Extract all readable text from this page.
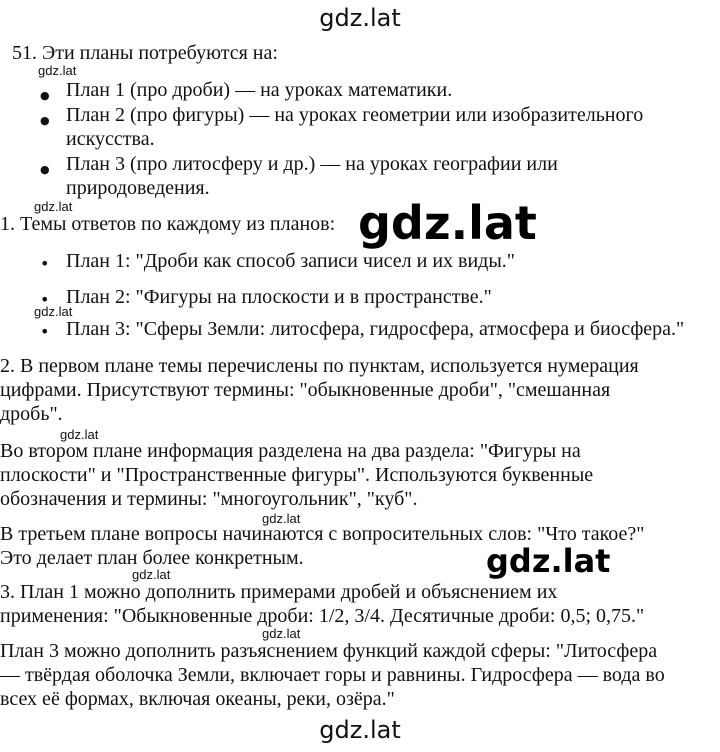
gdz.lat
51. Эти планы потребуются на:
gdz.lat
План 1 (про дроби) — на уроках математики.
План 2 (про фигуры) — на уроках геометрии или изобразительного
искусства.
План 3 (про литосферу и др.) — на уроках географии или
природоведения.
gdz.lat
1. Темы ответов по каждому из планов: gdz.lat
План 1: "Дроби как способ записи чисел и их виды."
План 2: "Фигуры на плоскости и в пространстве."
gdz.lat
План 3: "Сферы Земли: литосфера, гидросфера, атмосфера и биосфера."
2. В первом плане темы перечислены по пунктам, используется нумерация
цифрами. Присутствуют термины: "обыкновенные дроби", "смешанная
дробь".
gdz.lat
Во втором плане информация разделена на два раздела: "Фигуры на
плоскости" и "Пространственные фигуры". Используются буквенные
обозначения и термины: "многоугольник", "куб".
gdz.lat
В третьем плане вопросы начинаются с вопросительных слов: "Что такое?"
Это делает план более конкретным.	gdz.lat
gdz.lat
3. План 1 можно дополнить примерами дробей и объяснением их
применения: "Обыкновенные дроби: 1/2, 3/4. Десятичные дроби: 0,5; 0,75."
gdz.lat
План 3 можно дополнить разъяснением функций каждой сферы: "Литосфера
— твёрдая оболочка Земли, включает горы и равнины. Гидросфера — вода во
всех её формах, включая океаны, реки, озёра."
gdz.lat
